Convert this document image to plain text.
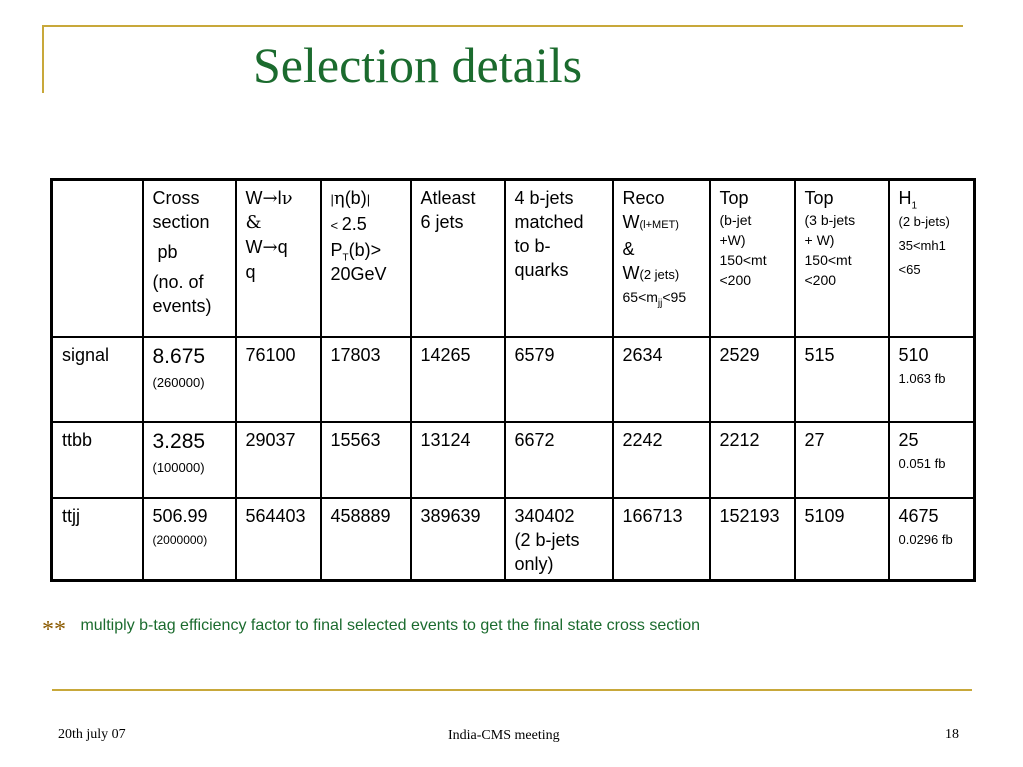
Selection details

	Cross
section
pb
(no. of
events)	W→lν
&
W→q
q	|η(b)|
< 2.5
$P_T(b)>$
20GeV	Atleast
6 jets	4 b-jets
matched
to b-
quarks	Reco
W(l+MET)
&
W(2 jets)
$65<m_{jj}<95$	Top
(b-jet
+W)
150<mt
<200	Top
(3 b-jets
+ W)
150<mt
<200	$H_1$
(2 b-jets)
35<mh1
<65

signal	8.675
(260000)	76100	17803	14265	6579	2634	2529	515	510
1.063 fb

ttbb	3.285
(100000)	29037	15563	13124	6672	2242	2212	27	25
0.051 fb

ttjj	506.99
(2000000)	564403	458889	389639	340402
(2 b-jets
only)	166713	152193	5109	4675
0.0296 fb
** multiply b-tag efficiency factor to final selected events to get the final state cross section
20th july 07	India-CMS meeting	18
